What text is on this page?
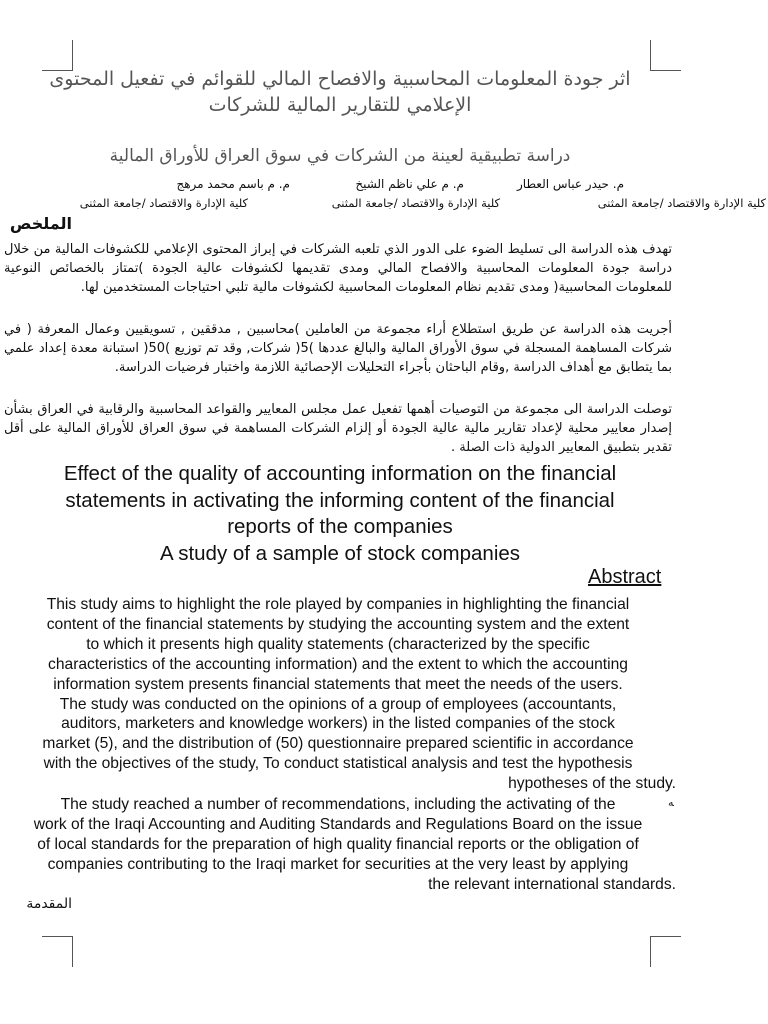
اثر جودة المعلومات المحاسبية والافصاح المالي للقوائم في تفعيل المحتوى الإعلامي للتقارير المالية للشركات
دراسة تطبيقية لعينة من الشركات في سوق العراق للأوراق المالية
م. حيدر عباس العطار
م. م علي ناظم الشيخ
م. م باسم محمد مرهج
كلية الإدارة والاقتصاد /جامعة المثنى
كلية الإدارة والاقتصاد /جامعة المثنى
كلية الإدارة والاقتصاد /جامعة المثنى
الملخص
تهدف هذه الدراسة الى تسليط الضوء على الدور الذي تلعبه الشركات في إبراز المحتوى الإعلامي للكشوفات المالية من خلال دراسة جودة المعلومات المحاسبية والافصاح المالي ومدى تقديمها لكشوفات عالية الجودة )تمتاز بالخصائص النوعية للمعلومات المحاسبية( ومدى تقديم نظام المعلومات المحاسبية لكشوفات مالية تلبي احتياجات المستخدمين لها.
أجريت هذه الدراسة عن طريق استطلاع أراء مجموعة من العاملين )محاسبين , مدققين , تسويقيين وعمال المعرفة ( في شركات المساهمة المسجلة في سوق الأوراق المالية والبالغ عددها )5( شركات, وقد تم توزيع )50( استبانة معدة إعداد علمي بما يتطابق مع أهداف الدراسة ,وقام الباحثان بأجراء التحليلات الإحصائية اللازمة واختبار فرضيات الدراسة.
توصلت الدراسة الى مجموعة من التوصيات أهمها تفعيل عمل مجلس المعايير والقواعد المحاسبية والرقابية في العراق بشأن إصدار معايير محلية لإعداد تقارير مالية عالية الجودة أو إلزام الشركات المساهمة في سوق العراق للأوراق المالية على أقل تقدير بتطبيق المعايير الدولية ذات الصلة .
Effect of the quality of accounting information on the financial
statements in activating the informing content of the financial
reports of the companies
A study of a sample of stock companies
Abstract
This study aims to highlight the role played by companies in highlighting the financial
content of the financial statements by studying the accounting system and the extent
to which it presents high quality statements (characterized by the specific
characteristics of the accounting information) and the extent to which the accounting
information system presents financial statements that meet the needs of the users.
The study was conducted on the opinions of a group of employees (accountants,
auditors, marketers and knowledge workers) in the listed companies of the stock
market (5), and the distribution of (50) questionnaire prepared scientific in accordance
with the objectives of the study, To conduct statistical analysis and test the hypothesis
hypotheses of the study.
ﻪ
The study reached a number of recommendations, including the activating of the
work of the Iraqi Accounting and Auditing Standards and Regulations Board on the issue
of local standards for the preparation of high quality financial reports or the obligation of
companies contributing to the Iraqi market for securities at the very least by applying
the relevant international standards.
المقدمة
